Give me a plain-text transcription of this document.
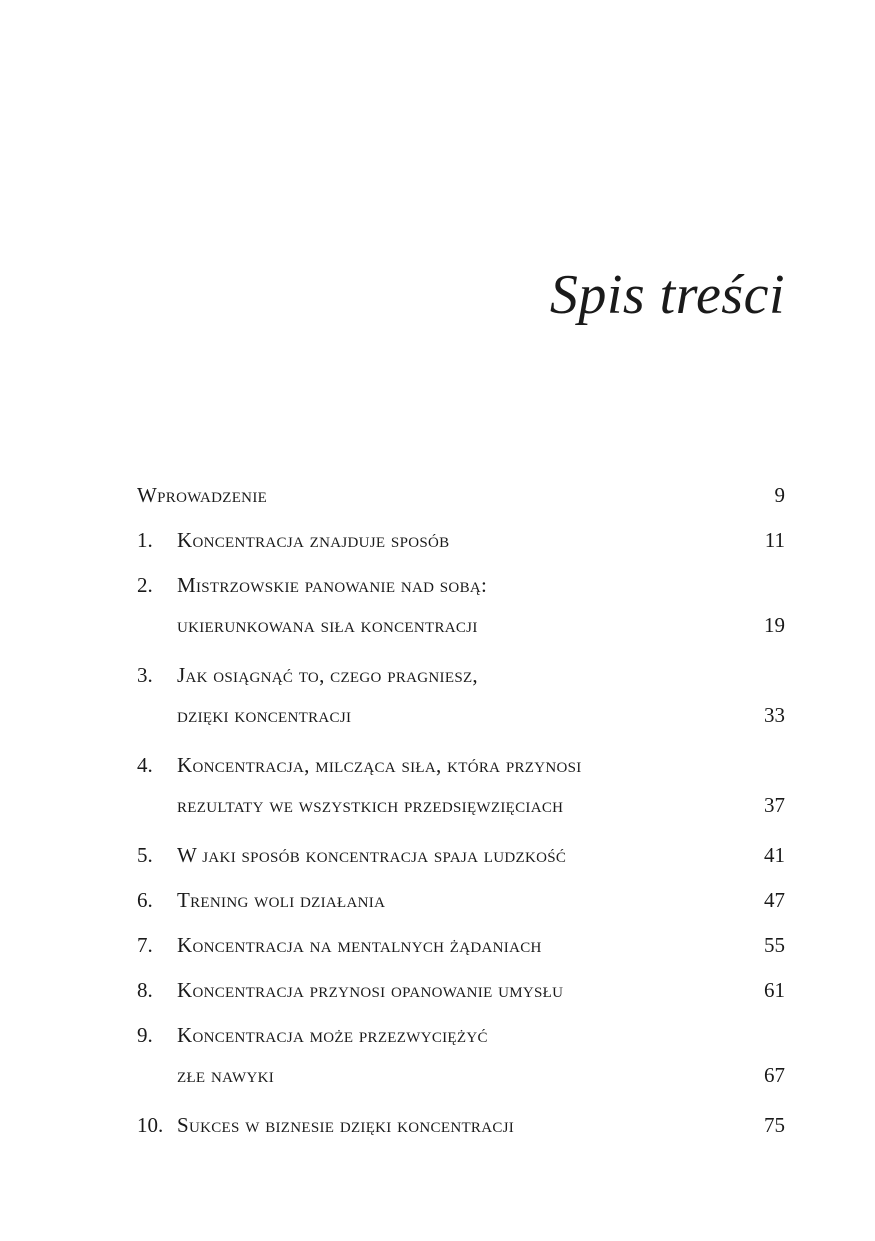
Spis treści
Wprowadzenie	9
1.	Koncentracja znajduje sposób	11
2.	Mistrzowskie panowanie nad sobą:
ukierunkowana siła koncentracji	19
3.	Jak osiągnąć to, czego pragniesz,
dzięki koncentracji	33
4.	Koncentracja, milcząca siła, która przynosi
rezultaty we wszystkich przedsięwzięciach	37
5.	W jaki sposób koncentracja spaja ludzkość	41
6.	Trening woli działania	47
7.	Koncentracja na mentalnych żądaniach	55
8.	Koncentracja przynosi opanowanie umysłu	61
9.	Koncentracja może przezwyciężyć
złe nawyki	67
10. Sukces w biznesie dzięki koncentracji	75
